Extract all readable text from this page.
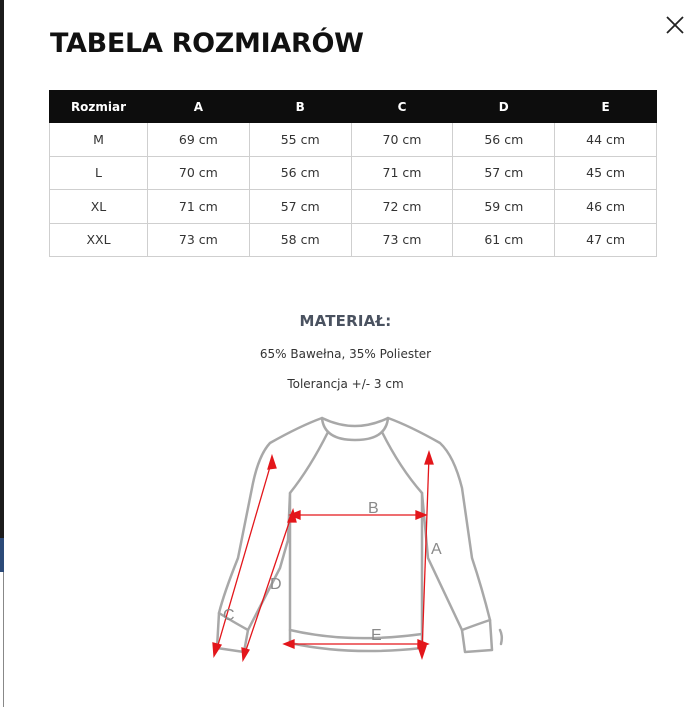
TABELA ROZMIARÓW
Rozmiar	A	B	C	D	E
M	69 cm	55 cm	70 cm	56 cm	44 cm
L	70 cm	56 cm	71 cm	57 cm	45 cm
XL	71 cm	57 cm	72 cm	59 cm	46 cm
XXL	73 cm	58 cm	73 cm	61 cm	47 cm
MATERIAŁ:
65% Bawełna, 35% Poliester
Tolerancja +/- 3 cm
B
A
D
C
E
